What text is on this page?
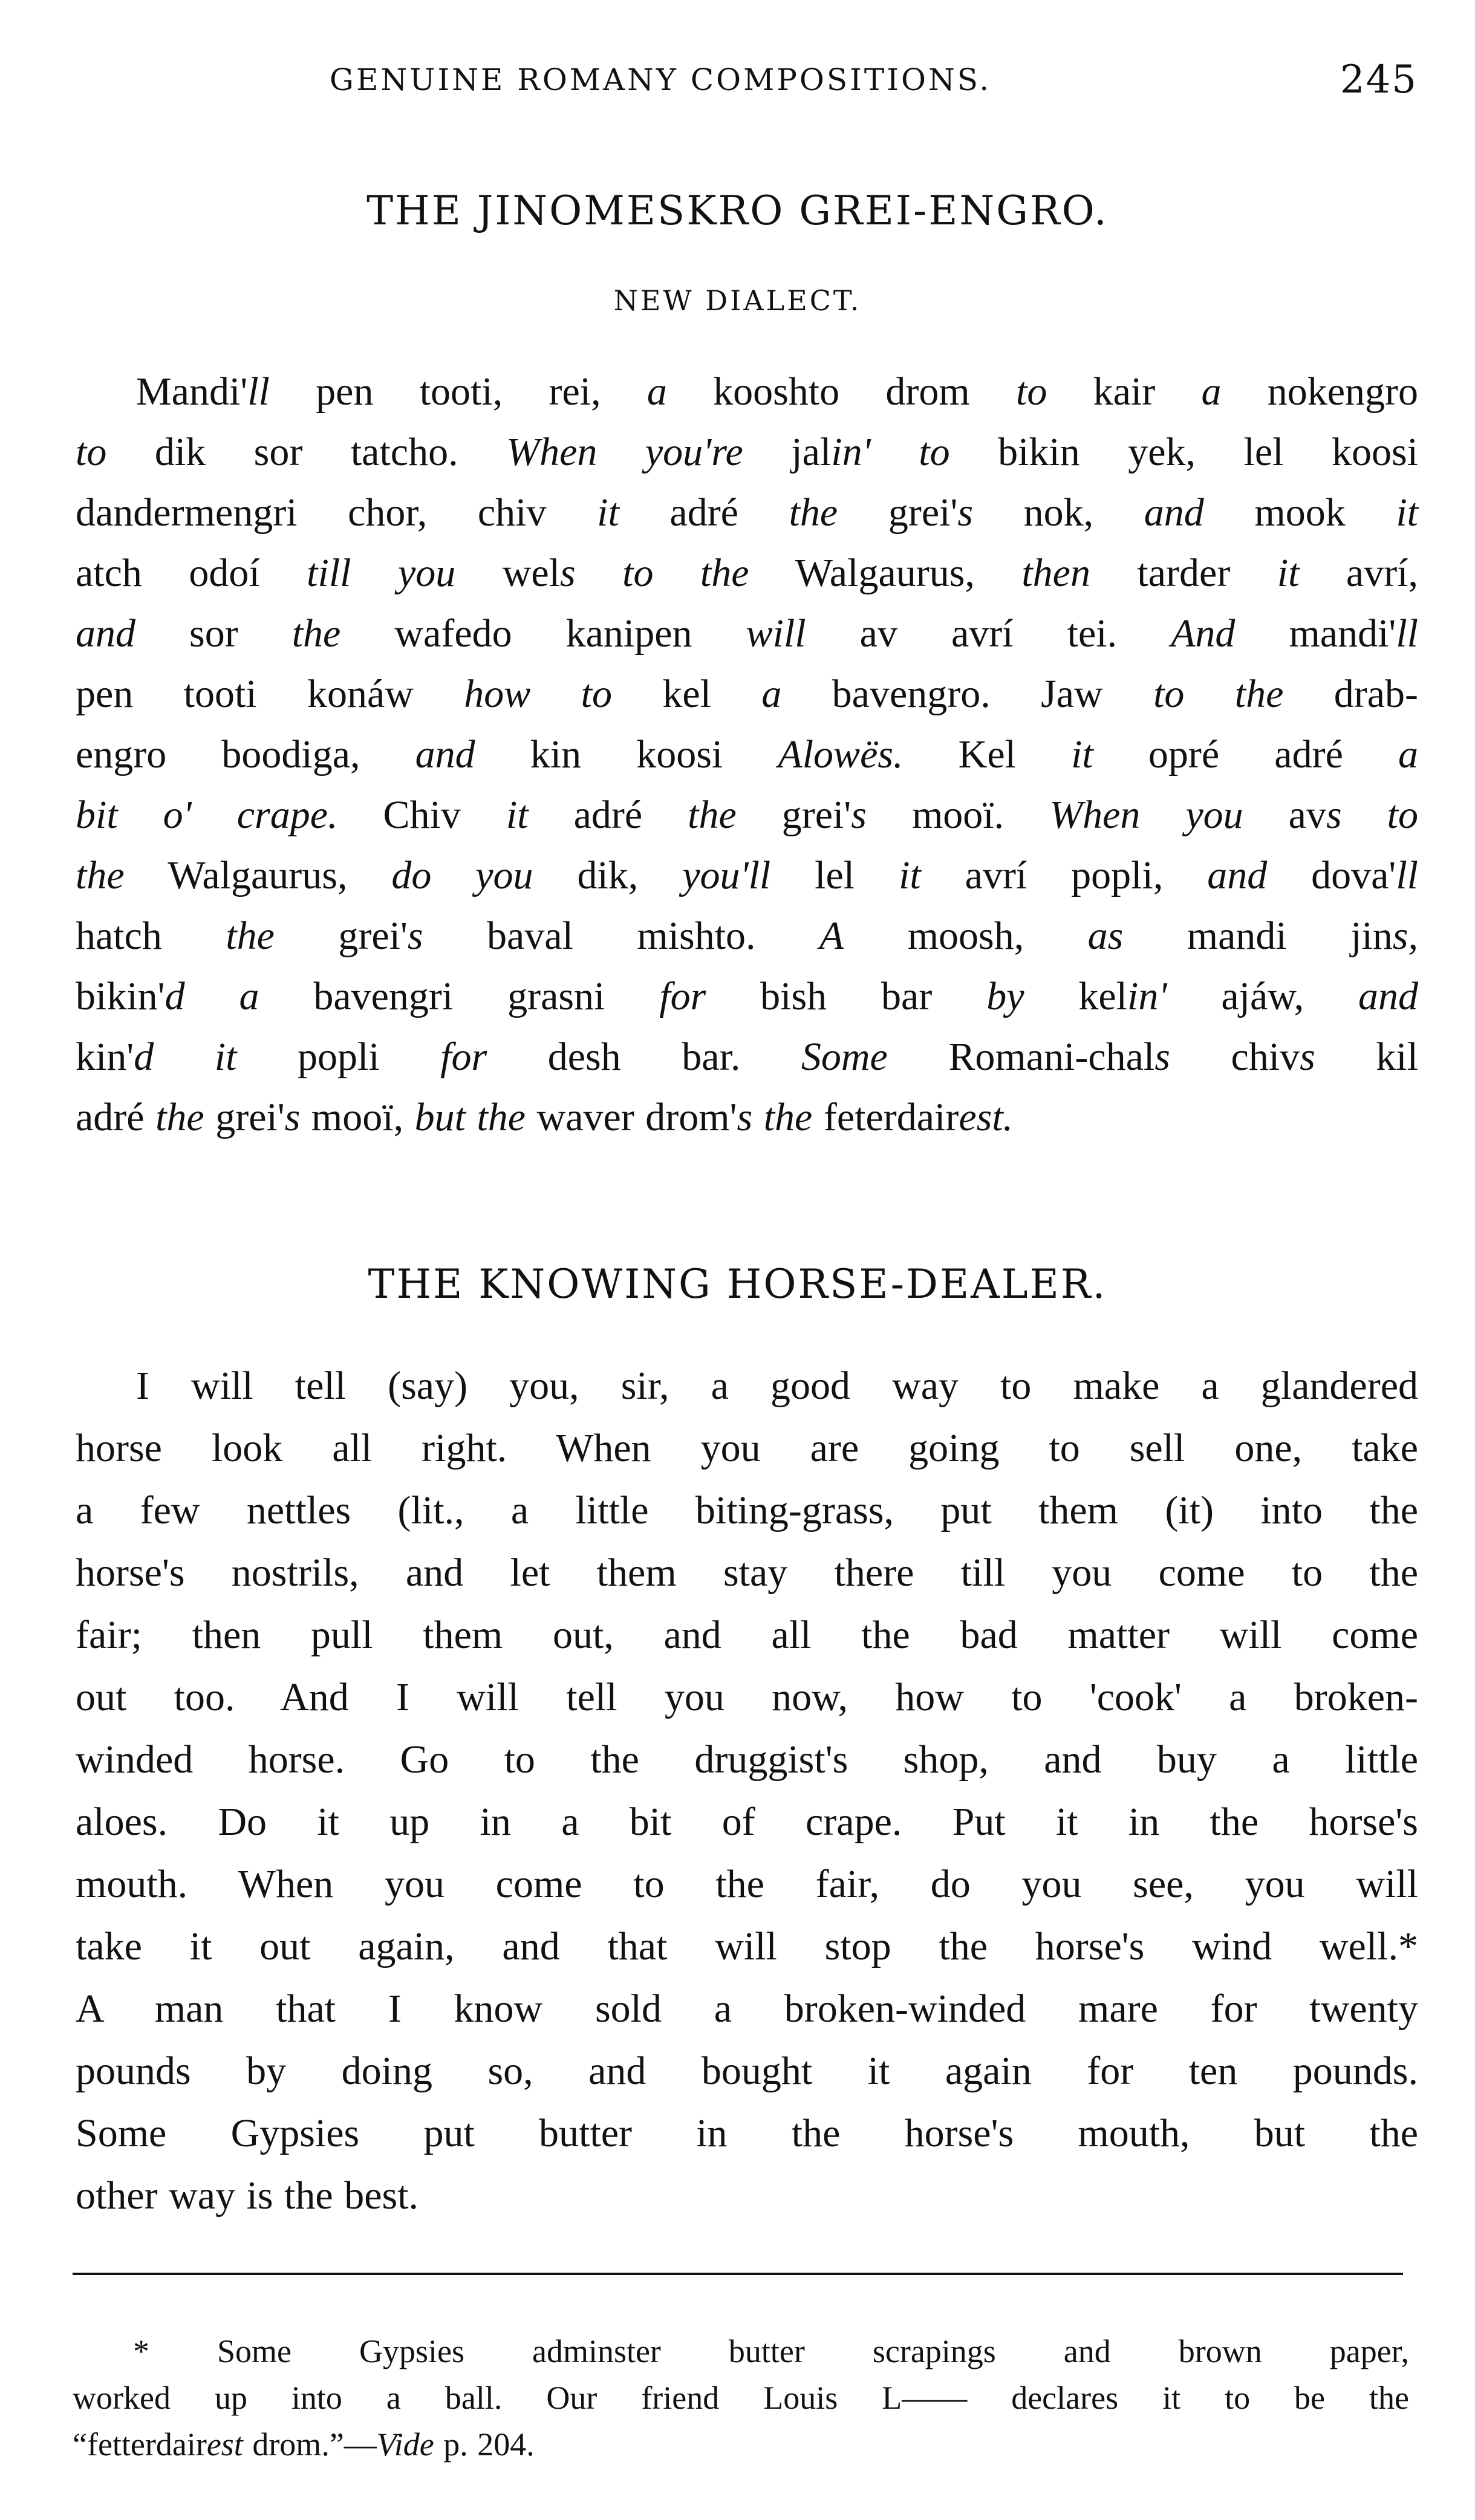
GENUINE ROMANY COMPOSITIONS.	245
THE JINOMESKRO GREI-ENGRO.
NEW DIALECT.
Mandi'll pen tooti, rei, a kooshto drom to kair a nokengro
to dik sor tatcho. When you're jalin' to bikin yek, lel koosi
dandermengri chor, chiv it adré the grei's nok, and mook it
atch odoí till you wels to the Walgaurus, then tarder it avrí,
and sor the wafedo kanipen will av avrí tei. And mandi'll
pen tooti konáw how to kel a bavengro. Jaw to the drab-
engro boodiga, and kin koosi Alowës. Kel it opré adré a
bit o' crape. Chiv it adré the grei's mooï. When you avs to
the Walgaurus, do you dik, you'll lel it avrí popli, and dova'll
hatch the grei's baval mishto. A moosh, as mandi jins,
bikin'd a bavengri grasni for bish bar by kelin' ajáw, and
kin'd it popli for desh bar. Some Romani-chals chivs kil
adré the grei's mooï, but the waver drom's the feterdairest.
THE KNOWING HORSE-DEALER.
I will tell (say) you, sir, a good way to make a glandered
horse look all right. When you are going to sell one, take
a few nettles (lit., a little biting-grass, put them (it) into the
horse's nostrils, and let them stay there till you come to the
fair; then pull them out, and all the bad matter will come
out too. And I will tell you now, how to 'cook' a broken-
winded horse. Go to the druggist's shop, and buy a little
aloes. Do it up in a bit of crape. Put it in the horse's
mouth. When you come to the fair, do you see, you will
take it out again, and that will stop the horse's wind well.*
A man that I know sold a broken-winded mare for twenty
pounds by doing so, and bought it again for ten pounds.
Some Gypsies put butter in the horse's mouth, but the
other way is the best.
* Some Gypsies adminster butter scrapings and brown paper,
worked up into a ball. Our friend Louis L—— declares it to be the
“fetterdairest drom.”—Vide p. 204.
